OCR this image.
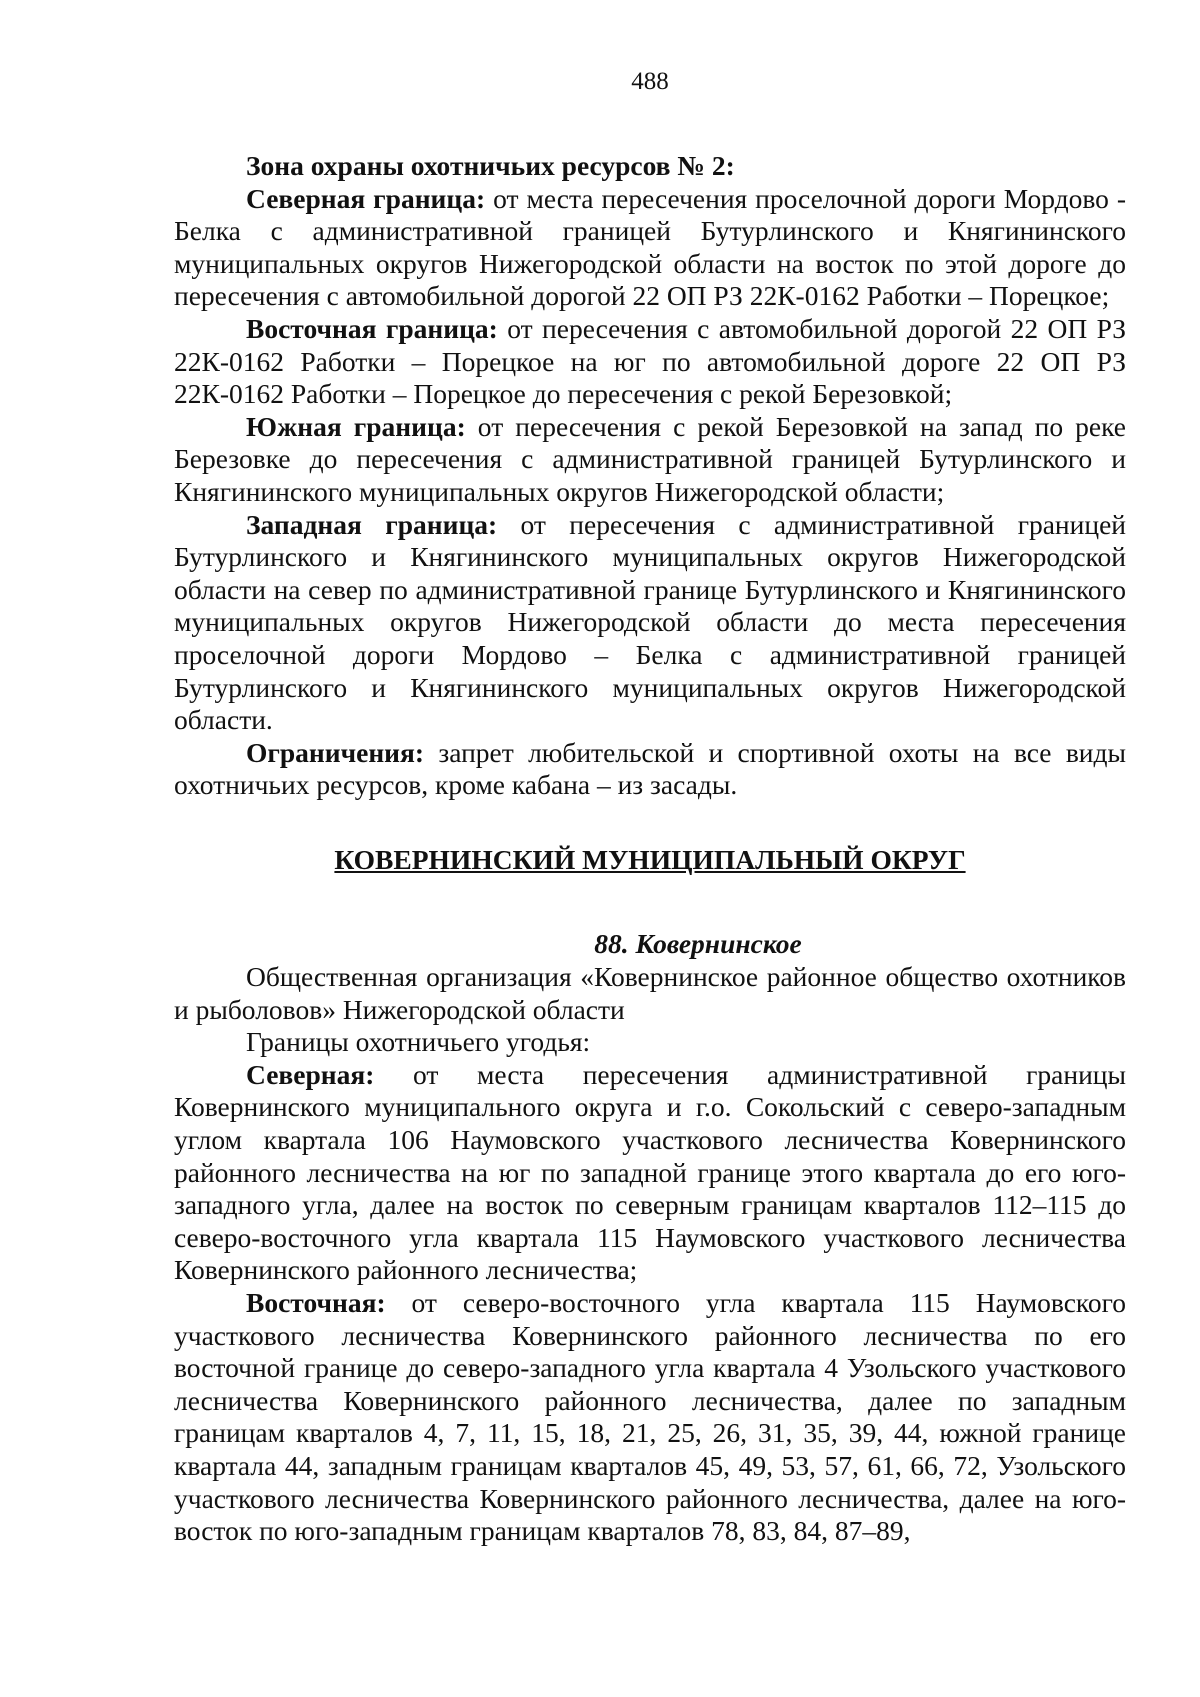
488

Зона охраны охотничьих ресурсов № 2:

Северная граница: от места пересечения проселочной дороги Мордово - Белка с административной границей Бутурлинского и Княгининского муниципальных округов Нижегородской области на восток по этой дороге до пересечения с автомобильной дорогой 22 ОП РЗ 22К-0162 Работки – Порецкое;

Восточная граница: от пересечения с автомобильной дорогой 22 ОП РЗ 22К-0162 Работки – Порецкое на юг по автомобильной дороге 22 ОП РЗ 22К-0162 Работки – Порецкое до пересечения с рекой Березовкой;

Южная граница: от пересечения с рекой Березовкой на запад по реке Березовке до пересечения с административной границей Бутурлинского и Княгининского муниципальных округов Нижегородской области;

Западная граница: от пересечения с административной границей Бутурлинского и Княгининского муниципальных округов Нижегородской области на север по административной границе Бутурлинского и Княгининского муниципальных округов Нижегородской области до места пересечения проселочной дороги Мордово – Белка с административной границей Бутурлинского и Княгининского муниципальных округов Нижегородской области.

Ограничения: запрет любительской и спортивной охоты на все виды охотничьих ресурсов, кроме кабана – из засады.

КОВЕРНИНСКИЙ МУНИЦИПАЛЬНЫЙ ОКРУГ
88. Ковернинское

Общественная организация «Ковернинское районное общество охотников и рыболовов» Нижегородской области

Границы охотничьего угодья:

Северная: от места пересечения административной границы Ковернинского муниципального округа и г.о. Сокольский с северо-западным углом квартала 106 Наумовского участкового лесничества Ковернинского районного лесничества на юг по западной границе этого квартала до его юго-западного угла, далее на восток по северным границам кварталов 112–115 до северо-восточного угла квартала 115 Наумовского участкового лесничества Ковернинского районного лесничества;

Восточная: от северо-восточного угла квартала 115 Наумовского участкового лесничества Ковернинского районного лесничества по его восточной границе до северо-западного угла квартала 4 Узольского участкового лесничества Ковернинского районного лесничества, далее по западным границам кварталов 4, 7, 11, 15, 18, 21, 25, 26, 31, 35, 39, 44, южной границе квартала 44, западным границам кварталов 45, 49, 53, 57, 61, 66, 72, Узольского участкового лесничества Ковернинского районного лесничества, далее на юго-восток по юго-западным границам кварталов 78, 83, 84, 87–89,
